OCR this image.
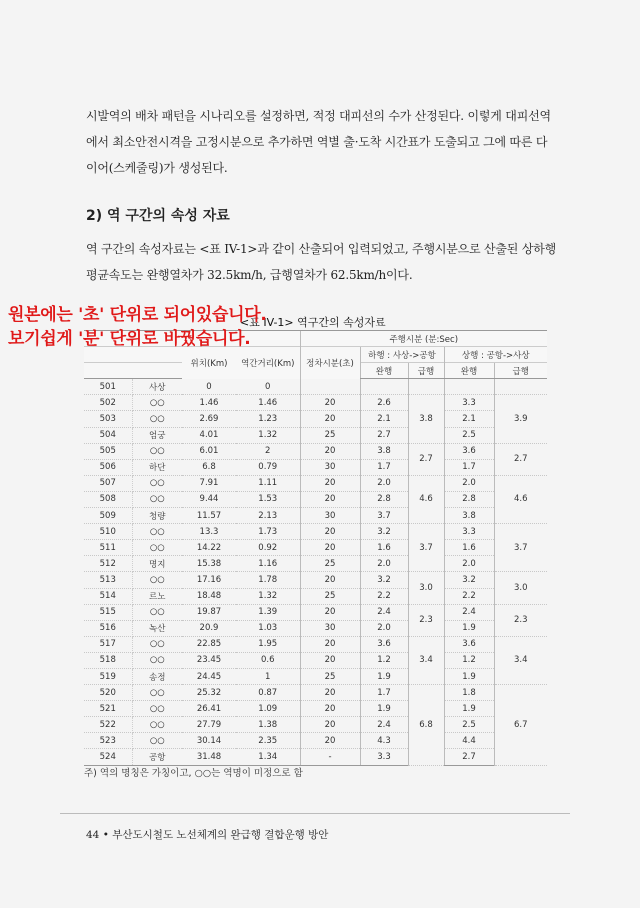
시발역의 배차 패턴을 시나리오를 설정하면, 적정 대피선의 수가 산정된다. 이렇게 대피선역에서 최소안전시격을 고정시분으로 추가하면 역별 출·도착 시간표가 도출되고 그에 따른 다이어(스케줄링)가 생성된다.
2) 역 구간의 속성 자료
역 구간의 속성자료는 <표 IV-1>과 같이 산출되어 입력되었고, 주행시분으로 산출된 상하행 평균속도는 완행열차가 32.5km/h, 급행열차가 62.5km/h이다.
<표 IV-1> 역구간의 속성자료
				주행시분 (분:Sec)				
		위치(Km)	역간거리(Km)	정차시분(초)	하행 : 사상->공항		상행 : 공항->사상	
					완행	급행	완행	급행
501	사상	0	0					
502	○○	1.46	1.46	20	2.6	3.8	3.3	3.9
503	○○	2.69	1.23	20	2.1		2.1	
504	엄궁	4.01	1.32	25	2.7		2.5	
505	○○	6.01	2	20	3.8	2.7	3.6	2.7
506	하단	6.8	0.79	30	1.7		1.7	
507	○○	7.91	1.11	20	2.0	4.6	2.0	4.6
508	○○	9.44	1.53	20	2.8		2.8	
509	청량	11.57	2.13	30	3.7		3.8	
510	○○	13.3	1.73	20	3.2	3.7	3.3	3.7
511	○○	14.22	0.92	20	1.6		1.6	
512	명지	15.38	1.16	25	2.0		2.0	
513	○○	17.16	1.78	20	3.2	3.0	3.2	3.0
514	르노	18.48	1.32	25	2.2		2.2	
515	○○	19.87	1.39	20	2.4	2.3	2.4	2.3
516	녹산	20.9	1.03	30	2.0		1.9	
517	○○	22.85	1.95	20	3.6	3.4	3.6	3.4
518	○○	23.45	0.6	20	1.2		1.2	
519	송정	24.45	1	25	1.9		1.9	
520	○○	25.32	0.87	20	1.7	6.8	1.8	6.7
521	○○	26.41	1.09	20	1.9		1.9	
522	○○	27.79	1.38	20	2.4		2.5	
523	○○	30.14	2.35	20	4.3		4.4	
524	공항	31.48	1.34	-	3.3		2.7	
주) 역의 명칭은 가칭이고, ○○는 역명이 미정으로 함
44 • 부산도시철도 노선체계의 완급행 결합운행 방안
원본에는 '초' 단위로 되어있습니다.
보기쉽게 '분' 단위로 바꿨습니다.
